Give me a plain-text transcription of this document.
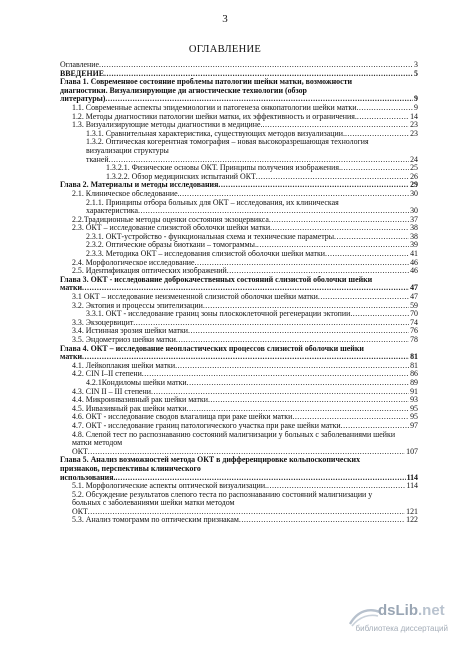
3
ОГЛАВЛЕНИЕ
Оглавление .....	3
ВВЕДЕНИЕ .....	5
Глава 1. Современное состояние проблемы патологии шейки матки, возможности диагностики. Визуализирующие ди агностические технологии (обзор литературы) .....	9
1.1. Современные аспекты эпидемиологии и патогенеза онкопатологии шейки матки .....	9
1.2. Методы диагностики патологии шейки матки, их эффективность и ограничения. .....	14
1.3. Визуализирующие методы диагностики в медицине. .....	23
1.3.1. Сравнительная характеристика, существующих методов визуализации. .....	23
1.3.2. Оптическая когерентная томография – новая высокоразрешающая технология визуализации структуры тканей .....	24
1.3.2.1. Физические основы ОКТ. Принципы получения изображения. .....	25
1.3.2.2. Обзор медицинских испытаний ОКТ .....	26
Глава 2. Материалы и методы исследования .....	29
2.1. Клиническое обследование. .....	30
2.1.1. Принципы отбора больных для ОКТ – исследования, их клиническая характеристика .....	30
2.2.Традиционные методы оценки состояния экзоцервикса .....	37
2.3. ОКТ – исследование слизистой оболочки шейки матки .....	38
2.3.1. ОКТ-устройство - функциональная схема и технические параметры .....	38
2.3.2. Оптические образы биоткани – томограммы. .....	39
2.3.3. Методика ОКТ – исследования слизистой оболочки шейки матки .....	41
2.4. Морфологическое исследование .....	46
2.5. Идентификация оптических изображений .....	46
Глава 3. ОКТ - исследование доброкачественных состояний слизистой оболочки шейки матки .....	47
3.1 ОКТ – исследование неизмененной слизистой оболочки шейки матки .....	47
3.2. Эктопия и процессы эпителизации .....	59
3.3.1. ОКТ - исследование границ зоны плоскоклеточной регенерации эктопии .....	70
3.3. Экзоцервицит .....	74
3.4. Истинная эрозия шейки матки .....	76
3.5. Эндометриоз шейки матки .....	78
Глава 4. ОКТ – исследование неопластических процессов слизистой оболочки шейки матки .....	81
4.1. Лейкоплакия шейки матки .....	81
4.2. CIN I–II степени .....	86
4.2.1Кондиломы шейки матки .....	89
4.3. CIN II – III степени .....	91
4.4. Микроинвазивный рак шейки матки .....	93
4.5. Инвазивный рак шейки матки .....	95
4.6. ОКТ - исследование сводов влагалища при раке шейки матки .....	95
4.7. ОКТ - исследование границ патологического участка при раке шейки матки .....	97
4.8. Слепой тест по распознаванию состояний малигнизации у больных с заболеваниями шейки матки методом ОКТ .....	107
Глава 5. Анализ возможностей метода ОКТ в дифференцировке кольпоскопических признаков, перспективы клинического использования. .....	114
5.1. Морфологические аспекты оптической визуализации. .....	114
5.2. Обсуждение результатов слепого теста по распознаванию состояний малигнизации у больных с заболеваниями шейки матки методом ОКТ .....	121
5.3. Анализ томограмм по оптическим признакам .....	122
dsLib.net
библиотека диссертаций
